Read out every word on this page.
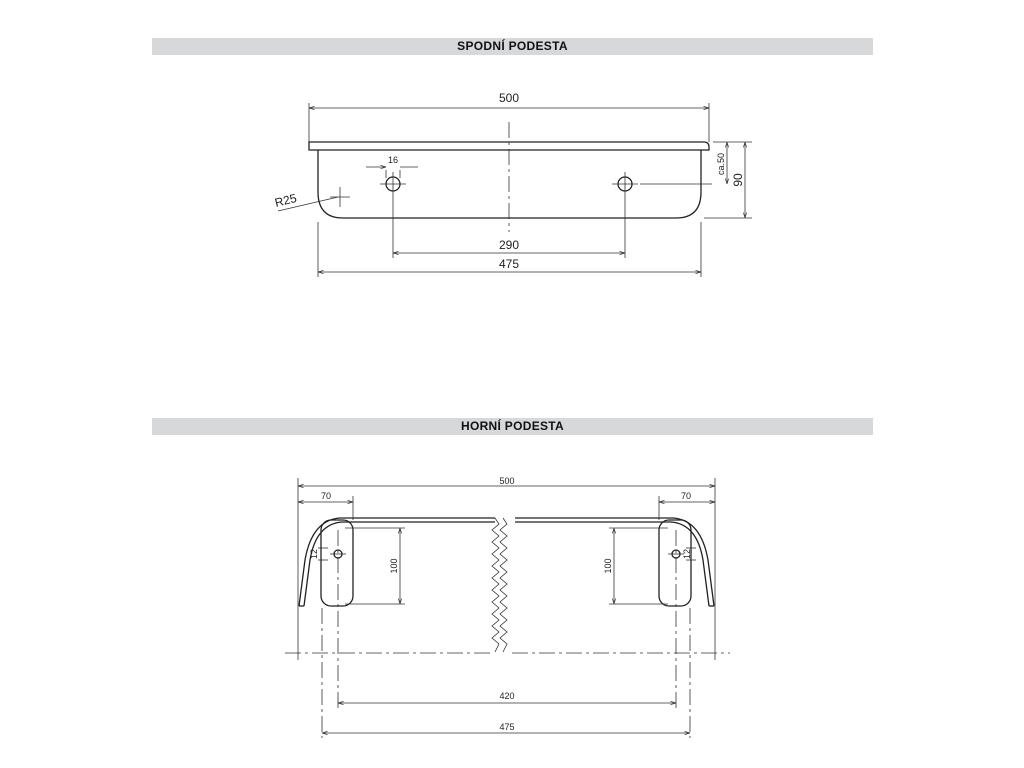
SPODNÍ PODESTA
HORNÍ PODESTA
500
16
R25
290
475
90
ca.50
500
70	70
12	12
100	100
420
475
